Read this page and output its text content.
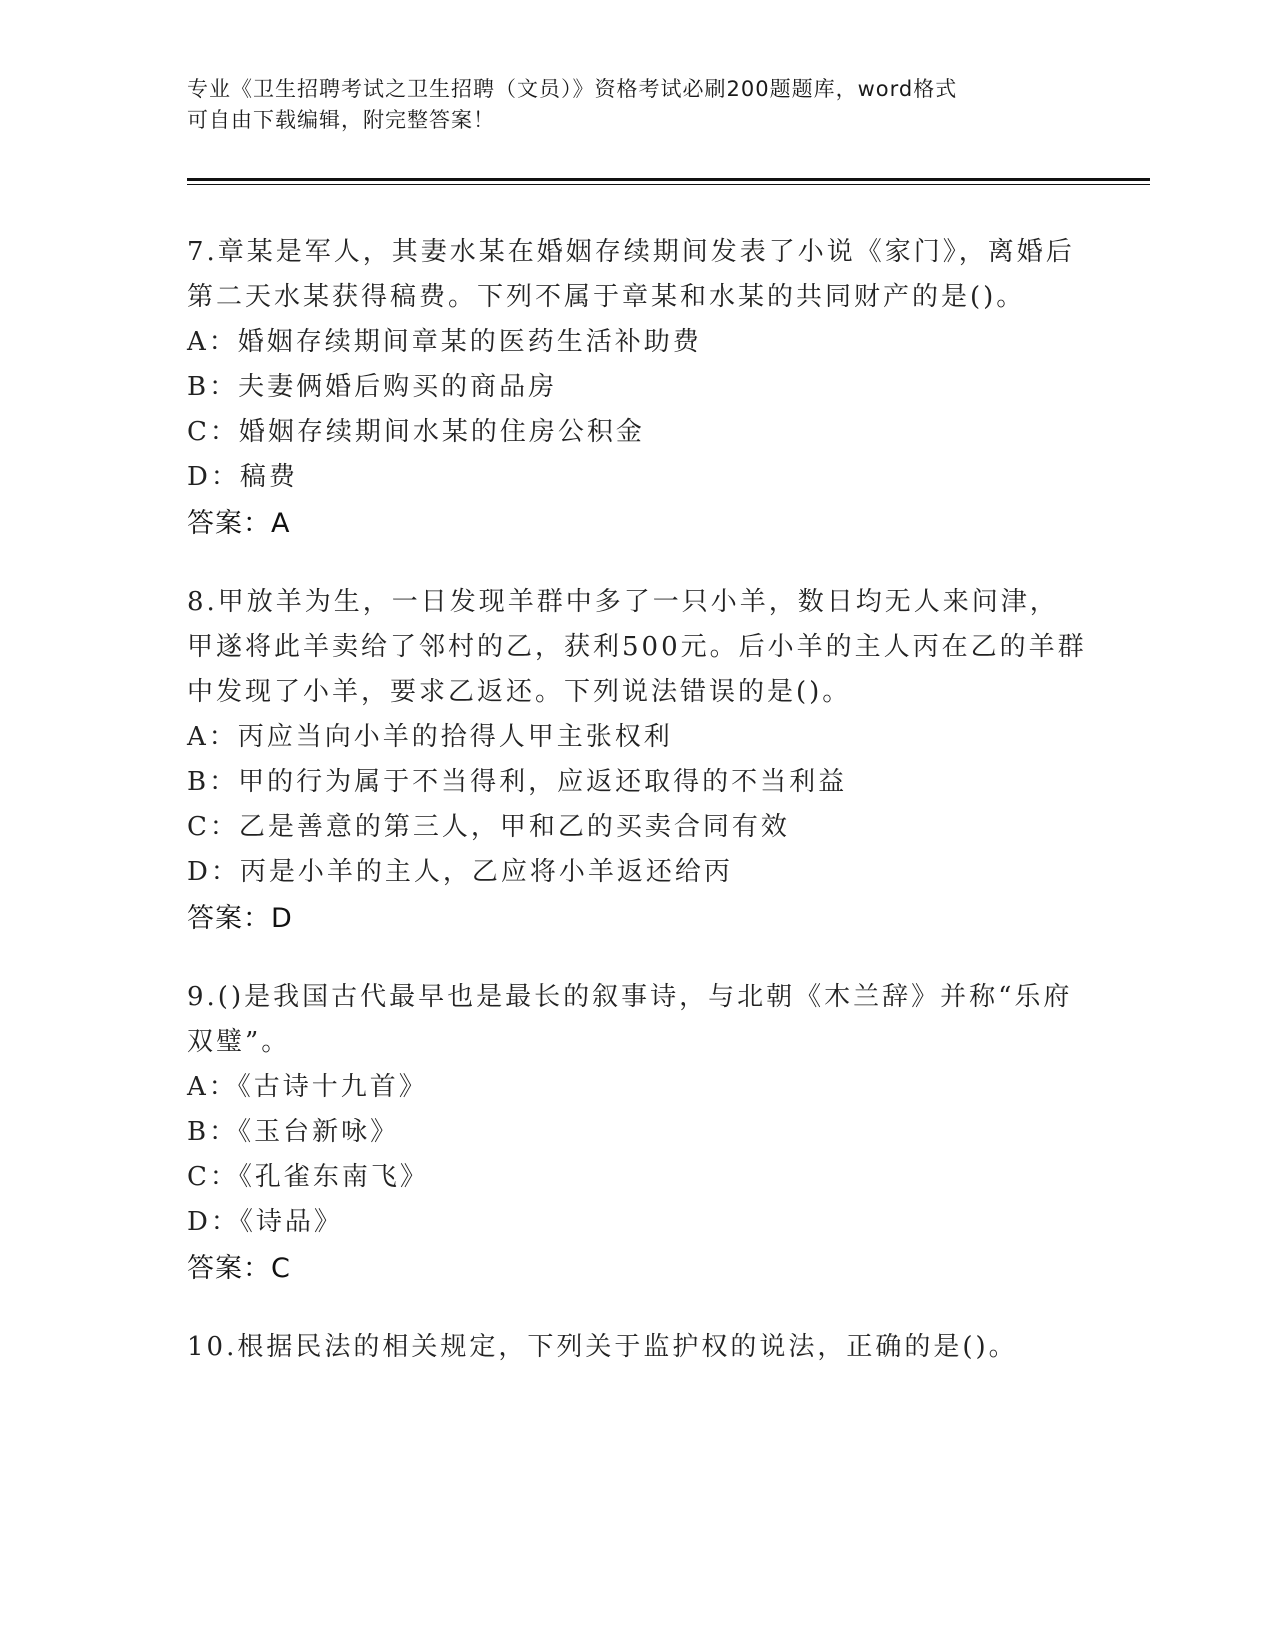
专业《卫生招聘考试之卫生招聘（文员）》资格考试必刷200题题库，word格式
可自由下载编辑，附完整答案！
7.章某是军人，其妻水某在婚姻存续期间发表了小说《家门》，离婚后第二天水某获得稿费。下列不属于章某和水某的共同财产的是()。
A：婚姻存续期间章某的医药生活补助费
B：夫妻俩婚后购买的商品房
C：婚姻存续期间水某的住房公积金
D：稿费
答案：A
8.甲放羊为生，一日发现羊群中多了一只小羊，数日均无人来问津，甲遂将此羊卖给了邻村的乙，获利500元。后小羊的主人丙在乙的羊群中发现了小羊，要求乙返还。下列说法错误的是()。
A：丙应当向小羊的拾得人甲主张权利
B：甲的行为属于不当得利，应返还取得的不当利益
C：乙是善意的第三人，甲和乙的买卖合同有效
D：丙是小羊的主人，乙应将小羊返还给丙
答案：D
9.()是我国古代最早也是最长的叙事诗，与北朝《木兰辞》并称“乐府双璧”。
A：《古诗十九首》
B：《玉台新咏》
C：《孔雀东南飞》
D：《诗品》
答案：C
10.根据民法的相关规定，下列关于监护权的说法，正确的是()。
